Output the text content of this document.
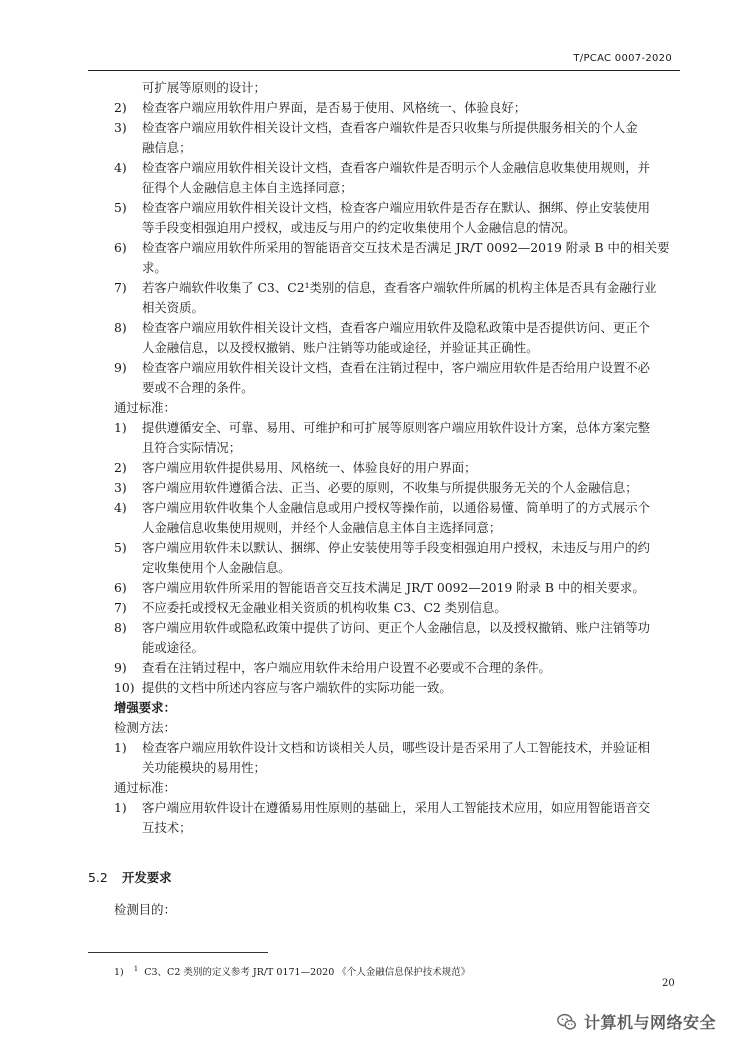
T/PCAC 0007-2020
可扩展等原则的设计；
2)	检查客户端应用软件用户界面，是否易于使用、风格统一、体验良好；
3)	检查客户端应用软件相关设计文档，查看客户端软件是否只收集与所提供服务相关的个人金
融信息；
4)	检查客户端应用软件相关设计文档，查看客户端软件是否明示个人金融信息收集使用规则，并
征得个人金融信息主体自主选择同意；
5)	检查客户端应用软件相关设计文档，检查客户端应用软件是否存在默认、捆绑、停止安装使用
等手段变相强迫用户授权，或违反与用户的约定收集使用个人金融信息的情况。
6)	检查客户端应用软件所采用的智能语音交互技术是否满足 JR/T 0092—2019 附录 B 中的相关要
求。
7)	若客户端软件收集了 C3、C2¹类别的信息，查看客户端软件所属的机构主体是否具有金融行业
相关资质。
8)	检查客户端应用软件相关设计文档，查看客户端应用软件及隐私政策中是否提供访问、更正个
人金融信息，以及授权撤销、账户注销等功能或途径，并验证其正确性。
9)	检查客户端应用软件相关设计文档，查看在注销过程中，客户端应用软件是否给用户设置不必
要或不合理的条件。
通过标准：
1)	提供遵循安全、可靠、易用、可维护和可扩展等原则客户端应用软件设计方案，总体方案完整
且符合实际情况；
2)	客户端应用软件提供易用、风格统一、体验良好的用户界面；
3)	客户端应用软件遵循合法、正当、必要的原则，不收集与所提供服务无关的个人金融信息；
4)	客户端应用软件收集个人金融信息或用户授权等操作前，以通俗易懂、简单明了的方式展示个
人金融信息收集使用规则，并经个人金融信息主体自主选择同意；
5)	客户端应用软件未以默认、捆绑、停止安装使用等手段变相强迫用户授权，未违反与用户的约
定收集使用个人金融信息。
6)	客户端应用软件所采用的智能语音交互技术满足 JR/T 0092—2019 附录 B 中的相关要求。
7)	不应委托或授权无金融业相关资质的机构收集 C3、C2 类别信息。
8)	客户端应用软件或隐私政策中提供了访问、更正个人金融信息，以及授权撤销、账户注销等功
能或途径。
9)	查看在注销过程中，客户端应用软件未给用户设置不必要或不合理的条件。
10) 提供的文档中所述内容应与客户端软件的实际功能一致。
增强要求：
检测方法：
1)	检查客户端应用软件设计文档和访谈相关人员，哪些设计是否采用了人工智能技术，并验证相
关功能模块的易用性；
通过标准：
1)	客户端应用软件设计在遵循易用性原则的基础上，采用人工智能技术应用，如应用智能语音交
互技术；
5.2 开发要求
检测目的：
1) $^1$ C3、C2 类别的定义参考 JR/T 0171—2020 《个人金融信息保护技术规范》
20
计算机与网络安全
